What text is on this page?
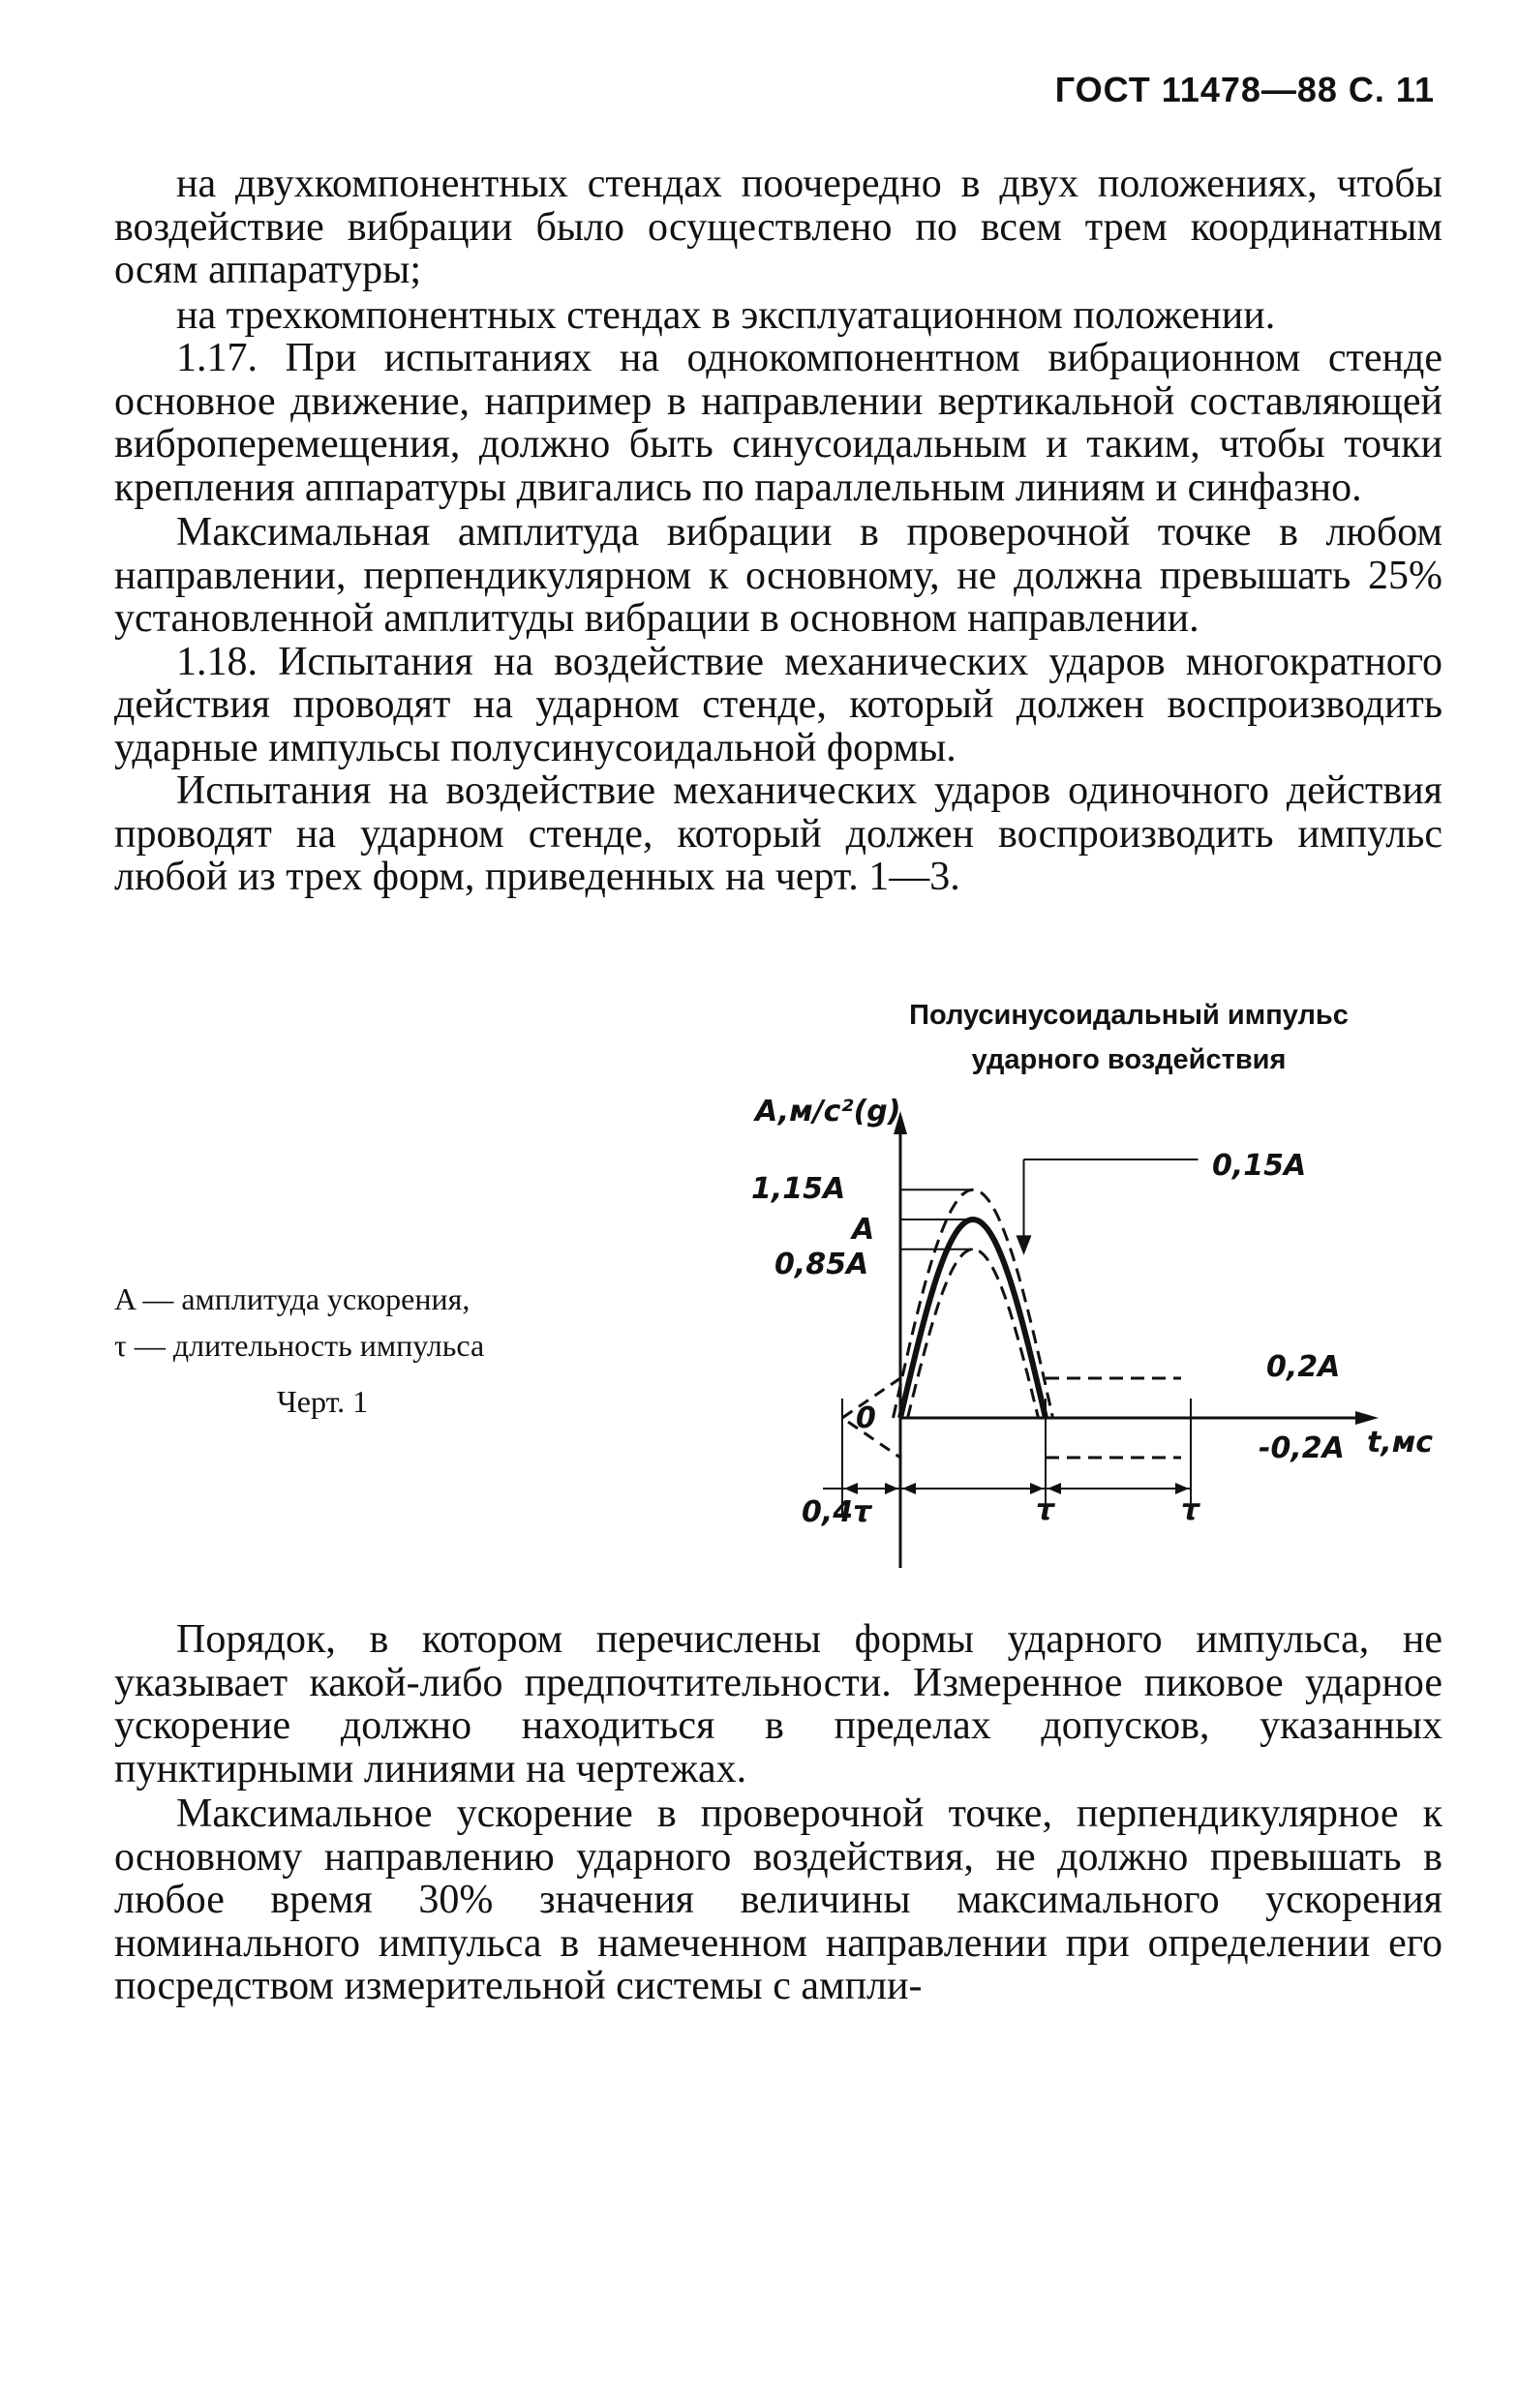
ГОСТ 11478—88 С. 11

на двухкомпонентных стендах поочередно в двух положениях, чтобы воздействие вибрации было осуществлено по всем трем координатным осям аппаратуры;

на трехкомпонентных стендах в эксплуатационном положении.

1.17. При испытаниях на однокомпонентном вибрационном стенде основное движение, например в направлении вертикальной составляющей виброперемещения, должно быть синусоидальным и таким, чтобы точки крепления аппаратуры двигались по параллельным линиям и синфазно.

Максимальная амплитуда вибрации в проверочной точке в любом направлении, перпендикулярном к основному, не должна превышать 25% установленной амплитуды вибрации в основном направлении.

1.18. Испытания на воздействие механических ударов многократного действия проводят на ударном стенде, который должен воспроизводить ударные импульсы полусинусоидальной формы.

Испытания на воздействие механических ударов одиночного действия проводят на ударном стенде, который должен воспроизводить импульс любой из трех форм, приведенных на черт. 1—3.

Полусинусоидальный импульс
ударного воздействия
A — амплитуда ускорения,
τ — длительность импульса
Черт. 1
A,м/с²(g)
t,мс
1,15A
A
0,85A
0
0,15A
0,2A
-0,2A
0,4τ	τ	τ

Порядок, в котором перечислены формы ударного импульса, не указывает какой-либо предпочтительности. Измеренное пиковое ударное ускорение должно находиться в пределах допусков, указанных пунктирными линиями на чертежах.

Максимальное ускорение в проверочной точке, перпендикулярное к основному направлению ударного воздействия, не должно превышать в любое время 30% значения величины максимального ускорения номинального импульса в намеченном направлении при определении его посредством измерительной системы с ампли-
